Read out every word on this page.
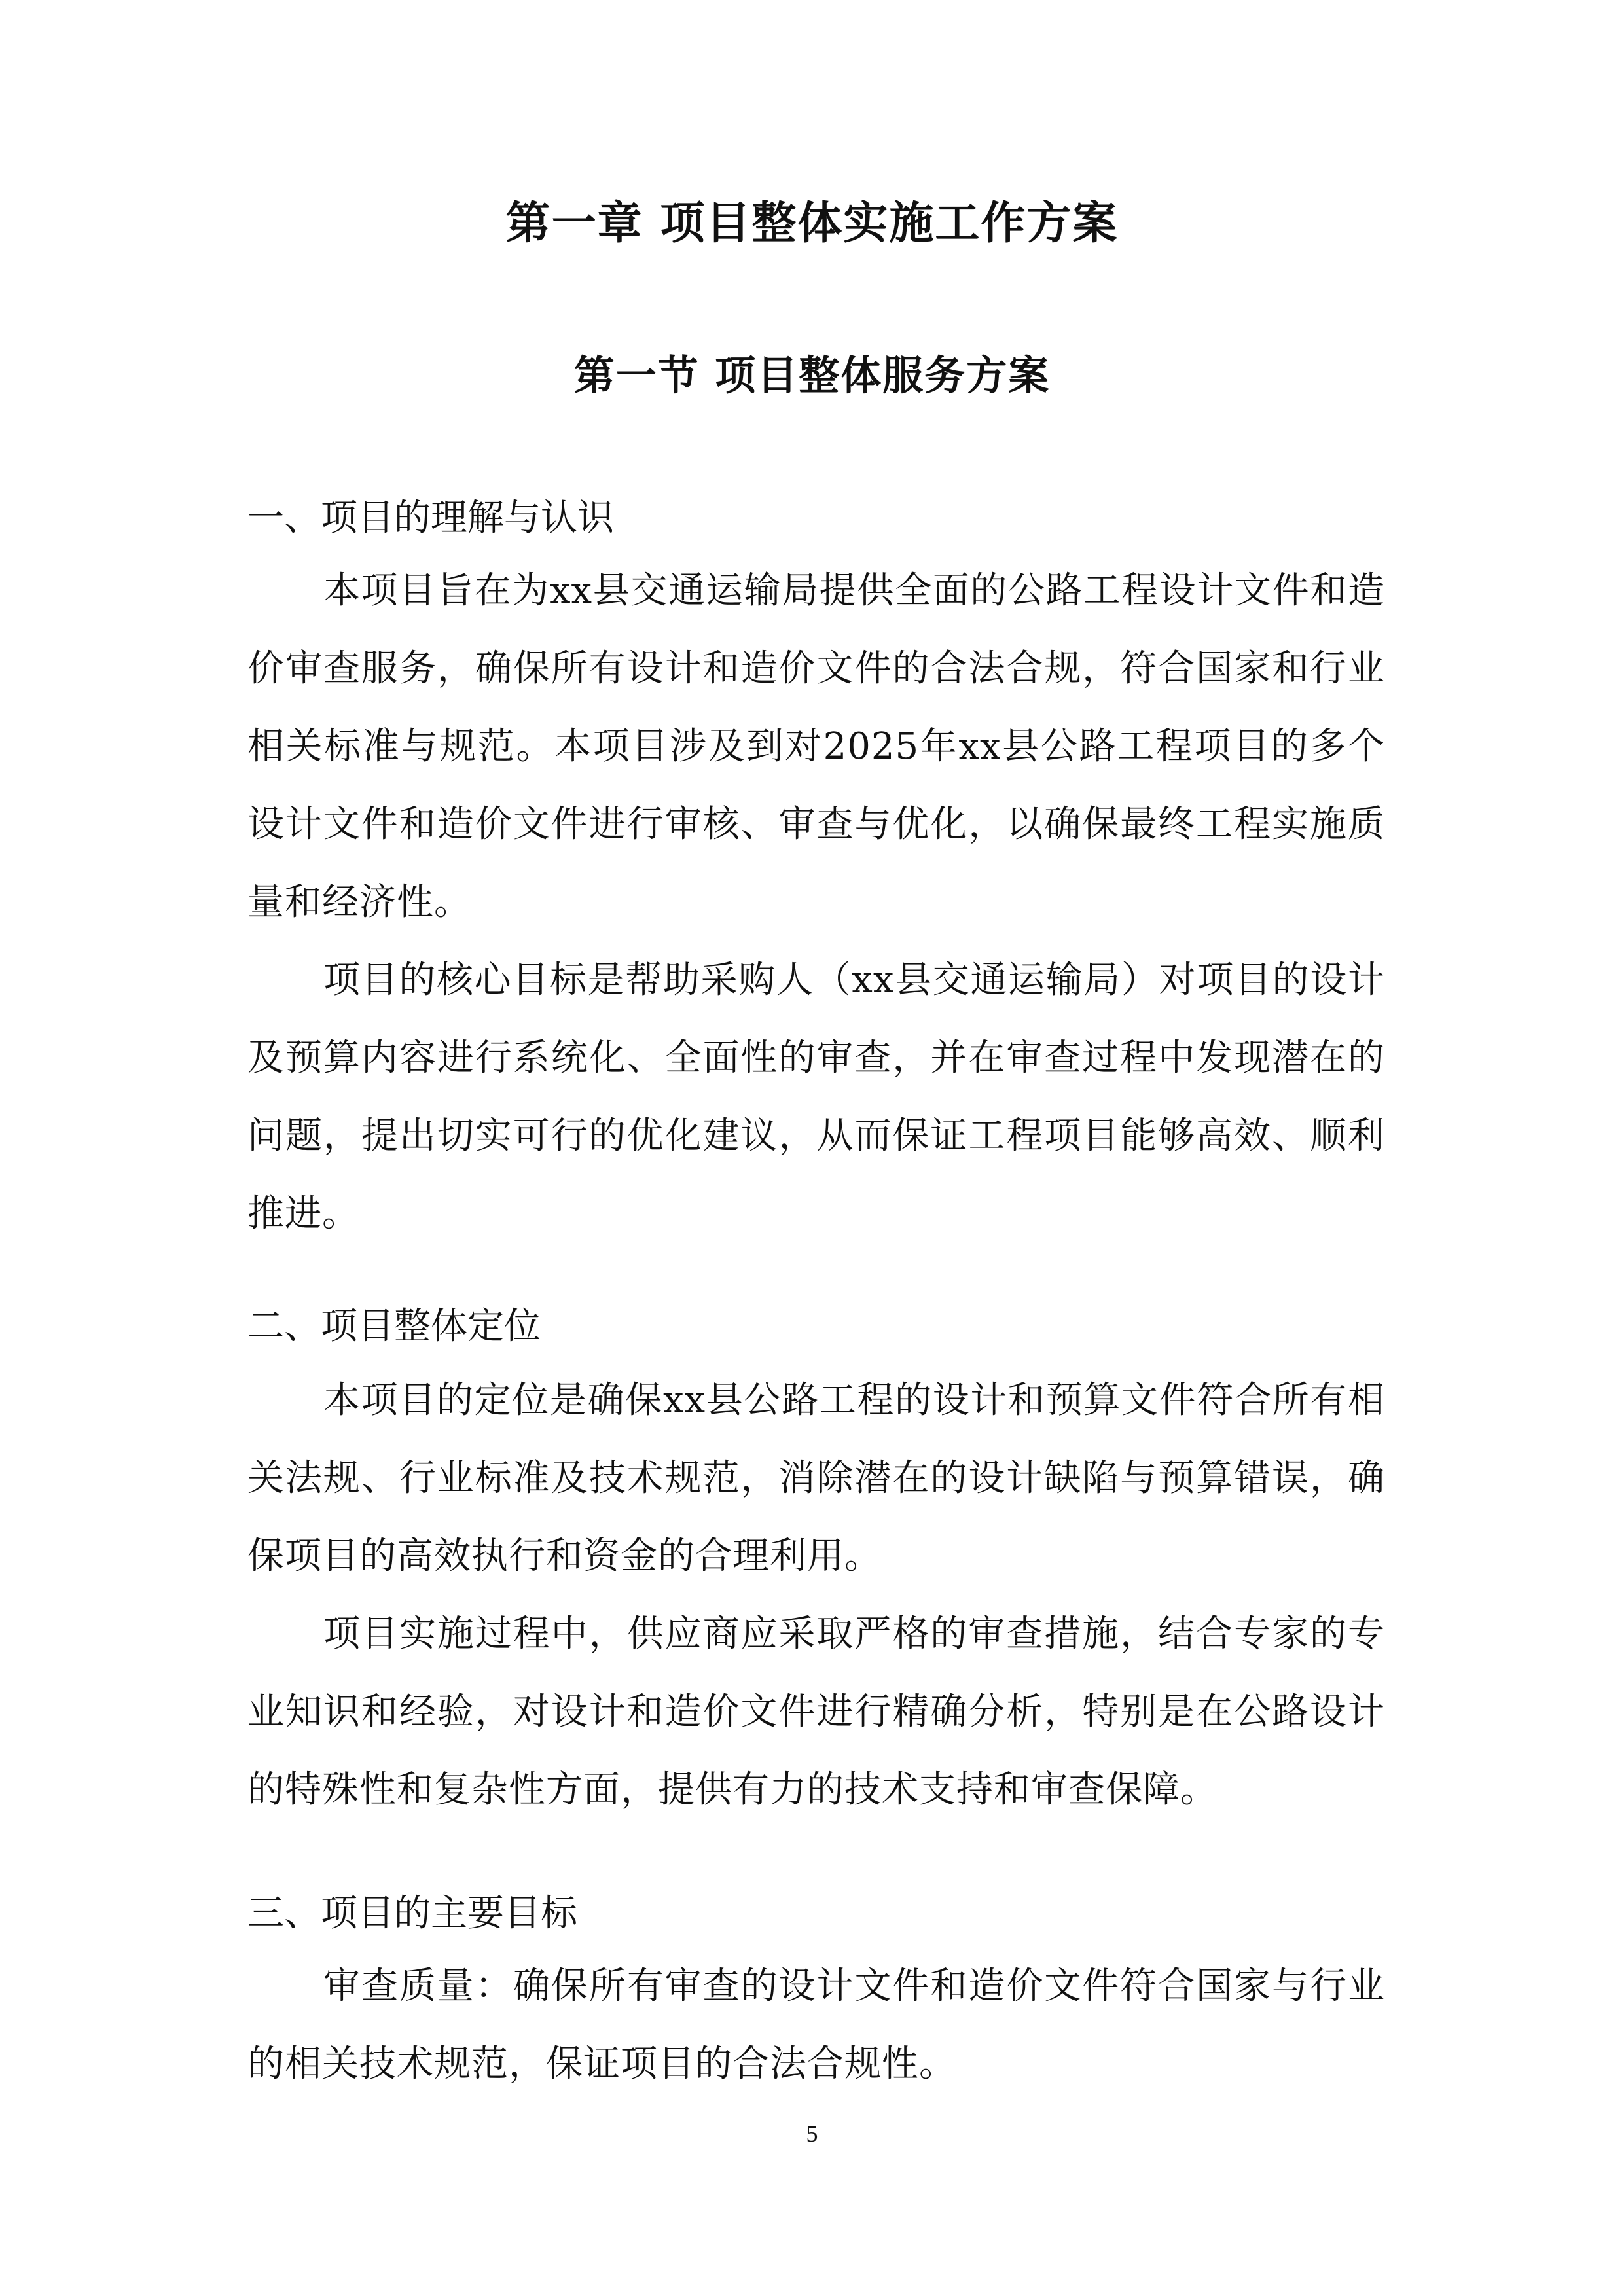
第一章 项目整体实施工作方案
第一节 项目整体服务方案
一、项目的理解与认识

本项目旨在为xx县交通运输局提供全面的公路工程设计文件和造价审查服务，确保所有设计和造价文件的合法合规，符合国家和行业相关标准与规范。本项目涉及到对2025年xx县公路工程项目的多个设计文件和造价文件进行审核、审查与优化，以确保最终工程实施质量和经济性。

项目的核心目标是帮助采购人（xx县交通运输局）对项目的设计及预算内容进行系统化、全面性的审查，并在审查过程中发现潜在的问题，提出切实可行的优化建议，从而保证工程项目能够高效、顺利推进。

二、项目整体定位

本项目的定位是确保xx县公路工程的设计和预算文件符合所有相关法规、行业标准及技术规范，消除潜在的设计缺陷与预算错误，确保项目的高效执行和资金的合理利用。

项目实施过程中，供应商应采取严格的审查措施，结合专家的专业知识和经验，对设计和造价文件进行精确分析，特别是在公路设计的特殊性和复杂性方面，提供有力的技术支持和审查保障。

三、项目的主要目标

审查质量：确保所有审查的设计文件和造价文件符合国家与行业的相关技术规范，保证项目的合法合规性。

5
